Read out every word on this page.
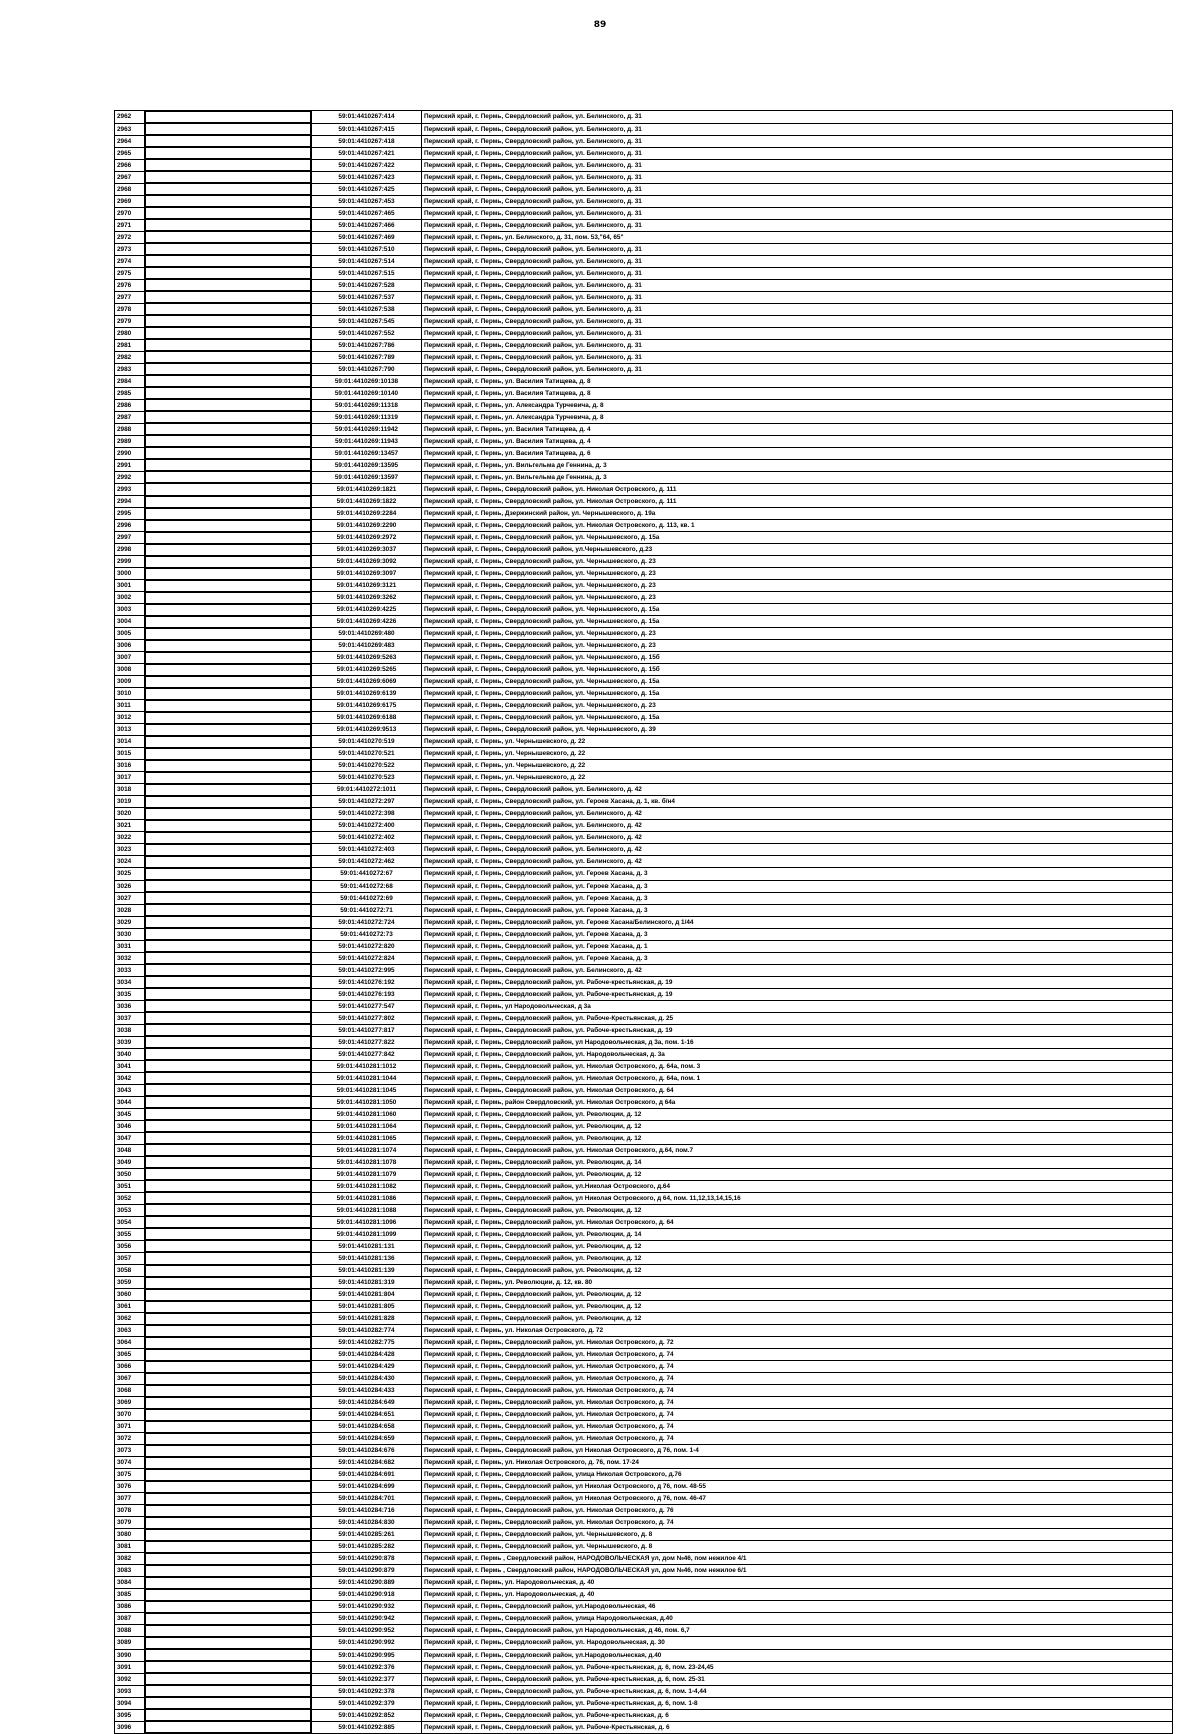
89
2962	59:01:4410267:414	Пермский край, г. Пермь, Свердловский район, ул. Белинского, д. 31
2963	59:01:4410267:415	Пермский край, г. Пермь, Свердловский район, ул. Белинского, д. 31
2964	59:01:4410267:418	Пермский край, г. Пермь, Свердловский район, ул. Белинского, д. 31
2965	59:01:4410267:421	Пермский край, г. Пермь, Свердловский район, ул. Белинского, д. 31
2966	59:01:4410267:422	Пермский край, г. Пермь, Свердловский район, ул. Белинского, д. 31
2967	59:01:4410267:423	Пермский край, г. Пермь, Свердловский район, ул. Белинского, д. 31
2968	59:01:4410267:425	Пермский край, г. Пермь, Свердловский район, ул. Белинского, д. 31
2969	59:01:4410267:453	Пермский край, г. Пермь, Свердловский район, ул. Белинского, д. 31
2970	59:01:4410267:465	Пермский край, г. Пермь, Свердловский район, ул. Белинского, д. 31
2971	59:01:4410267:466	Пермский край, г. Пермь, Свердловский район, ул. Белинского, д. 31
2972	59:01:4410267:469	Пермский край, г. Пермь, ул. Белинского, д. 31, пом. 53,"64, 65"
2973	59:01:4410267:510	Пермский край, г. Пермь, Свердловский район, ул. Белинского, д. 31
2974	59:01:4410267:514	Пермский край, г. Пермь, Свердловский район, ул. Белинского, д. 31
2975	59:01:4410267:515	Пермский край, г. Пермь, Свердловский район, ул. Белинского, д. 31
2976	59:01:4410267:528	Пермский край, г. Пермь, Свердловский район, ул. Белинского, д. 31
2977	59:01:4410267:537	Пермский край, г. Пермь, Свердловский район, ул. Белинского, д. 31
2978	59:01:4410267:538	Пермский край, г. Пермь, Свердловский район, ул. Белинского, д. 31
2979	59:01:4410267:545	Пермский край, г. Пермь, Свердловский район, ул. Белинского, д. 31
2980	59:01:4410267:552	Пермский край, г. Пермь, Свердловский район, ул. Белинского, д. 31
2981	59:01:4410267:786	Пермский край, г. Пермь, Свердловский район, ул. Белинского, д. 31
2982	59:01:4410267:789	Пермский край, г. Пермь, Свердловский район, ул. Белинского, д. 31
2983	59:01:4410267:790	Пермский край, г. Пермь, Свердловский район, ул. Белинского, д. 31
2984	59:01:4410269:10138	Пермский край, г. Пермь, ул. Василия Татищева, д. 8
2985	59:01:4410269:10140	Пермский край, г. Пермь, ул. Василия Татищева, д. 8
2986	59:01:4410269:11318	Пермский край, г. Пермь, ул. Александра Турчевича, д. 8
2987	59:01:4410269:11319	Пермский край, г. Пермь, ул. Александра Турчевича, д. 8
2988	59:01:4410269:11942	Пермский край, г. Пермь, ул. Василия Татищева, д. 4
2989	59:01:4410269:11943	Пермский край, г. Пермь, ул. Василия Татищева, д. 4
2990	59:01:4410269:13457	Пермский край, г. Пермь, ул. Василия Татищева, д. 6
2991	59:01:4410269:13595	Пермский край, г. Пермь, ул. Вильгельма де Геннина, д. 3
2992	59:01:4410269:13597	Пермский край, г. Пермь, ул. Вильгельма де Геннина, д. 3
2993	59:01:4410269:1821	Пермский край, г. Пермь, Свердловский район, ул. Николая Островского, д. 111
2994	59:01:4410269:1822	Пермский край, г. Пермь, Свердловский район, ул. Николая Островского, д. 111
2995	59:01:4410269:2284	Пермский край, г. Пермь, Дзержинский район, ул. Чернышевского, д. 19а
2996	59:01:4410269:2290	Пермский край, г. Пермь, Свердловский район, ул. Николая Островского, д. 113, кв. 1
2997	59:01:4410269:2972	Пермский край, г. Пермь, Свердловский район, ул. Чернышевского, д. 15а
2998	59:01:4410269:3037	Пермский край, г. Пермь, Свердловский район, ул.Чернышевского, д.23
2999	59:01:4410269:3092	Пермский край, г. Пермь, Свердловский район, ул. Чернышевского, д. 23
3000	59:01:4410269:3097	Пермский край, г. Пермь, Свердловский район, ул. Чернышевского, д. 23
3001	59:01:4410269:3121	Пермский край, г. Пермь, Свердловский район, ул. Чернышевского, д. 23
3002	59:01:4410269:3262	Пермский край, г. Пермь, Свердловский район, ул. Чернышевского, д. 23
3003	59:01:4410269:4225	Пермский край, г. Пермь, Свердловский район, ул. Чернышевского, д. 15а
3004	59:01:4410269:4226	Пермский край, г. Пермь, Свердловский район, ул. Чернышевского, д. 15а
3005	59:01:4410269:480	Пермский край, г. Пермь, Свердловский район, ул. Чернышевского, д. 23
3006	59:01:4410269:483	Пермский край, г. Пермь, Свердловский район, ул. Чернышевского, д. 23
3007	59:01:4410269:5263	Пермский край, г. Пермь, Свердловский район, ул. Чернышевского, д. 15б
3008	59:01:4410269:5265	Пермский край, г. Пермь, Свердловский район, ул. Чернышевского, д. 15б
3009	59:01:4410269:6069	Пермский край, г. Пермь, Свердловский район, ул. Чернышевского, д. 15а
3010	59:01:4410269:6139	Пермский край, г. Пермь, Свердловский район, ул. Чернышевского, д. 15а
3011	59:01:4410269:6175	Пермский край, г. Пермь, Свердловский район, ул. Чернышевского, д. 23
3012	59:01:4410269:6188	Пермский край, г. Пермь, Свердловский район, ул. Чернышевского, д. 15а
3013	59:01:4410269:9513	Пермский край, г. Пермь, Свердловский район, ул. Чернышевского, д. 39
3014	59:01:4410270:519	Пермский край, г. Пермь, ул. Чернышевского, д. 22
3015	59:01:4410270:521	Пермский край, г. Пермь, ул. Чернышевского, д. 22
3016	59:01:4410270:522	Пермский край, г. Пермь, ул. Чернышевского, д. 22
3017	59:01:4410270:523	Пермский край, г. Пермь, ул. Чернышевского, д. 22
3018	59:01:4410272:1011	Пермский край, г. Пермь, Свердловский район, ул. Белинского, д. 42
3019	59:01:4410272:297	Пермский край, г. Пермь, Свердловский район, ул. Героев Хасана, д. 1, кв. б/н4
3020	59:01:4410272:398	Пермский край, г. Пермь, Свердловский район, ул. Белинского, д. 42
3021	59:01:4410272:400	Пермский край, г. Пермь, Свердловский район, ул. Белинского, д. 42
3022	59:01:4410272:402	Пермский край, г. Пермь, Свердловский район, ул. Белинского, д. 42
3023	59:01:4410272:403	Пермский край, г. Пермь, Свердловский район, ул. Белинского, д. 42
3024	59:01:4410272:462	Пермский край, г. Пермь, Свердловский район, ул. Белинского, д. 42
3025	59:01:4410272:67	Пермский край, г. Пермь, Свердловский район, ул. Героев Хасана, д. 3
3026	59:01:4410272:68	Пермский край, г. Пермь, Свердловский район, ул. Героев Хасана, д. 3
3027	59:01:4410272:69	Пермский край, г. Пермь, Свердловский район, ул. Героев Хасана, д. 3
3028	59:01:4410272:71	Пермский край, г. Пермь, Свердловский район, ул. Героев Хасана, д. 3
3029	59:01:4410272:724	Пермский край, г. Пермь, Свердловский район, ул. Героев Хасана/Белинского, д 1/44
3030	59:01:4410272:73	Пермский край, г. Пермь, Свердловский район, ул. Героев Хасана, д. 3
3031	59:01:4410272:820	Пермский край, г. Пермь, Свердловский район, ул. Героев Хасана, д. 1
3032	59:01:4410272:824	Пермский край, г. Пермь, Свердловский район, ул. Героев Хасана, д. 3
3033	59:01:4410272:995	Пермский край, г. Пермь, Свердловский район, ул. Белинского, д. 42
3034	59:01:4410276:192	Пермский край, г. Пермь, Свердловский район, ул. Рабоче-крестьянская, д. 19
3035	59:01:4410276:193	Пермский край, г. Пермь, Свердловский район, ул. Рабоче-крестьянская, д. 19
3036	59:01:4410277:547	Пермский край, г. Пермь, ул Народовольческая, д 3а
3037	59:01:4410277:802	Пермский край, г. Пермь, Свердловский район, ул. Рабоче-Крестьянская, д. 25
3038	59:01:4410277:817	Пермский край, г. Пермь, Свердловский район, ул. Рабоче-крестьянская, д. 19
3039	59:01:4410277:822	Пермский край, г. Пермь, Свердловский район, ул Народовольческая, д 3а, пом. 1-16
3040	59:01:4410277:842	Пермский край, г. Пермь, Свердловский район, ул. Народовольческая, д. 3а
3041	59:01:4410281:1012	Пермский край, г. Пермь, Свердловский район, ул. Николая Островского, д. 64а, пом. 3
3042	59:01:4410281:1044	Пермский край, г. Пермь, Свердловский район, ул. Николая Островского, д. 64а, пом. 1
3043	59:01:4410281:1045	Пермский край, г. Пермь, Свердловский район, ул. Николая Островского, д. 64
3044	59:01:4410281:1050	Пермский край, г. Пермь, район Свердловский, ул. Николая Островского, д 64а
3045	59:01:4410281:1060	Пермский край, г. Пермь, Свердловский район, ул. Революции, д. 12
3046	59:01:4410281:1064	Пермский край, г. Пермь, Свердловский район, ул. Революции, д. 12
3047	59:01:4410281:1065	Пермский край, г. Пермь, Свердловский район, ул. Революции, д. 12
3048	59:01:4410281:1074	Пермский край, г. Пермь, Свердловский район, ул. Николая Островского, д.64, пом.7
3049	59:01:4410281:1078	Пермский край, г. Пермь, Свердловский район, ул. Революции, д. 14
3050	59:01:4410281:1079	Пермский край, г. Пермь, Свердловский район, ул. Революции, д. 12
3051	59:01:4410281:1082	Пермский край, г. Пермь, Свердловский район, ул.Николая Островского, д.64
3052	59:01:4410281:1086	Пермский край, г. Пермь, Свердловский район, ул Николая Островского, д 64, пом. 11,12,13,14,15,16
3053	59:01:4410281:1088	Пермский край, г. Пермь, Свердловский район, ул. Революции, д. 12
3054	59:01:4410281:1096	Пермский край, г. Пермь, Свердловский район, ул. Николая Островского, д. 64
3055	59:01:4410281:1099	Пермский край, г. Пермь, Свердловский район, ул. Революции, д. 14
3056	59:01:4410281:131	Пермский край, г. Пермь, Свердловский район, ул. Революции, д. 12
3057	59:01:4410281:136	Пермский край, г. Пермь, Свердловский район, ул. Революции, д. 12
3058	59:01:4410281:139	Пермский край, г. Пермь, Свердловский район, ул. Революции, д. 12
3059	59:01:4410281:319	Пермский край, г. Пермь, ул. Революции, д. 12, кв. 80
3060	59:01:4410281:804	Пермский край, г. Пермь, Свердловский район, ул. Революции, д. 12
3061	59:01:4410281:805	Пермский край, г. Пермь, Свердловский район, ул. Революции, д. 12
3062	59:01:4410281:828	Пермский край, г. Пермь, Свердловский район, ул. Революции, д. 12
3063	59:01:4410282:774	Пермский край, г. Пермь, ул. Николая Островского, д. 72
3064	59:01:4410282:775	Пермский край, г. Пермь, Свердловский район, ул. Николая Островского, д. 72
3065	59:01:4410284:428	Пермский край, г. Пермь, Свердловский район, ул. Николая Островского, д. 74
3066	59:01:4410284:429	Пермский край, г. Пермь, Свердловский район, ул. Николая Островского, д. 74
3067	59:01:4410284:430	Пермский край, г. Пермь, Свердловский район, ул. Николая Островского, д. 74
3068	59:01:4410284:433	Пермский край, г. Пермь, Свердловский район, ул. Николая Островского, д. 74
3069	59:01:4410284:649	Пермский край, г. Пермь, Свердловский район, ул. Николая Островского, д. 74
3070	59:01:4410284:651	Пермский край, г. Пермь, Свердловский район, ул. Николая Островского, д. 74
3071	59:01:4410284:658	Пермский край, г. Пермь, Свердловский район, ул. Николая Островского, д. 74
3072	59:01:4410284:659	Пермский край, г. Пермь, Свердловский район, ул. Николая Островского, д. 74
3073	59:01:4410284:676	Пермский край, г. Пермь, Свердловский район, ул Николая Островского, д 76, пом. 1-4
3074	59:01:4410284:682	Пермский край, г. Пермь, ул. Николая Островского, д. 76, пом. 17-24
3075	59:01:4410284:691	Пермский край, г. Пермь, Свердловский район, улица Николая Островского, д.76
3076	59:01:4410284:699	Пермский край, г. Пермь, Свердловский район, ул Николая Островского, д 76, пом. 48-55
3077	59:01:4410284:701	Пермский край, г. Пермь, Свердловский район, ул Николая Островского, д 76, пом. 46-47
3078	59:01:4410284:716	Пермский край, г. Пермь, Свердловский район, ул. Николая Островского, д. 76
3079	59:01:4410284:830	Пермский край, г. Пермь, Свердловский район, ул. Николая Островского, д. 74
3080	59:01:4410285:261	Пермский край, г. Пермь, Свердловский район, ул. Чернышевского, д. 8
3081	59:01:4410285:282	Пермский край, г. Пермь, Свердловский район, ул. Чернышевского, д. 8
3082	59:01:4410290:878	Пермский край, г. Пермь , Свердловский район, НАРОДОВОЛЬЧЕСКАЯ ул, дом №46, пом нежилое 4/1
3083	59:01:4410290:879	Пермский край, г. Пермь , Свердловский район, НАРОДОВОЛЬЧЕСКАЯ ул, дом №46, пом нежилое 6/1
3084	59:01:4410290:889	Пермский край, г. Пермь, ул. Народовольческая, д. 40
3085	59:01:4410290:918	Пермский край, г. Пермь, ул. Народовольческая, д. 40
3086	59:01:4410290:932	Пермский край, г. Пермь, Свердловский район, ул.Народовольческая, 46
3087	59:01:4410290:942	Пермский край, г. Пермь, Свердловский район, улица Народовольческая, д.40
3088	59:01:4410290:952	Пермский край, г. Пермь, Свердловский район, ул Народовольческая, д 46, пом. 6,7
3089	59:01:4410290:992	Пермский край, г. Пермь, Свердловский район, ул. Народовольческая, д. 30
3090	59:01:4410290:995	Пермский край, г. Пермь, Свердловский район, ул.Народовольческая, д.40
3091	59:01:4410292:376	Пермский край, г. Пермь, Свердловский район, ул. Рабоче-крестьянская, д. 6, пом. 23-24,45
3092	59:01:4410292:377	Пермский край, г. Пермь, Свердловский район, ул. Рабоче-крестьянская, д. 6, пом. 25-31
3093	59:01:4410292:378	Пермский край, г. Пермь, Свердловский район, ул. Рабоче-крестьянская, д. 6, пом. 1-4,44
3094	59:01:4410292:379	Пермский край, г. Пермь, Свердловский район, ул. Рабоче-крестьянская, д. 6, пом. 1-8
3095	59:01:4410292:852	Пермский край, г. Пермь, Свердловский район, ул. Рабоче-крестьянская, д. 6
3096	59:01:4410292:885	Пермский край, г. Пермь, Свердловский район, ул. Рабоче-Крестьянская, д. 6
